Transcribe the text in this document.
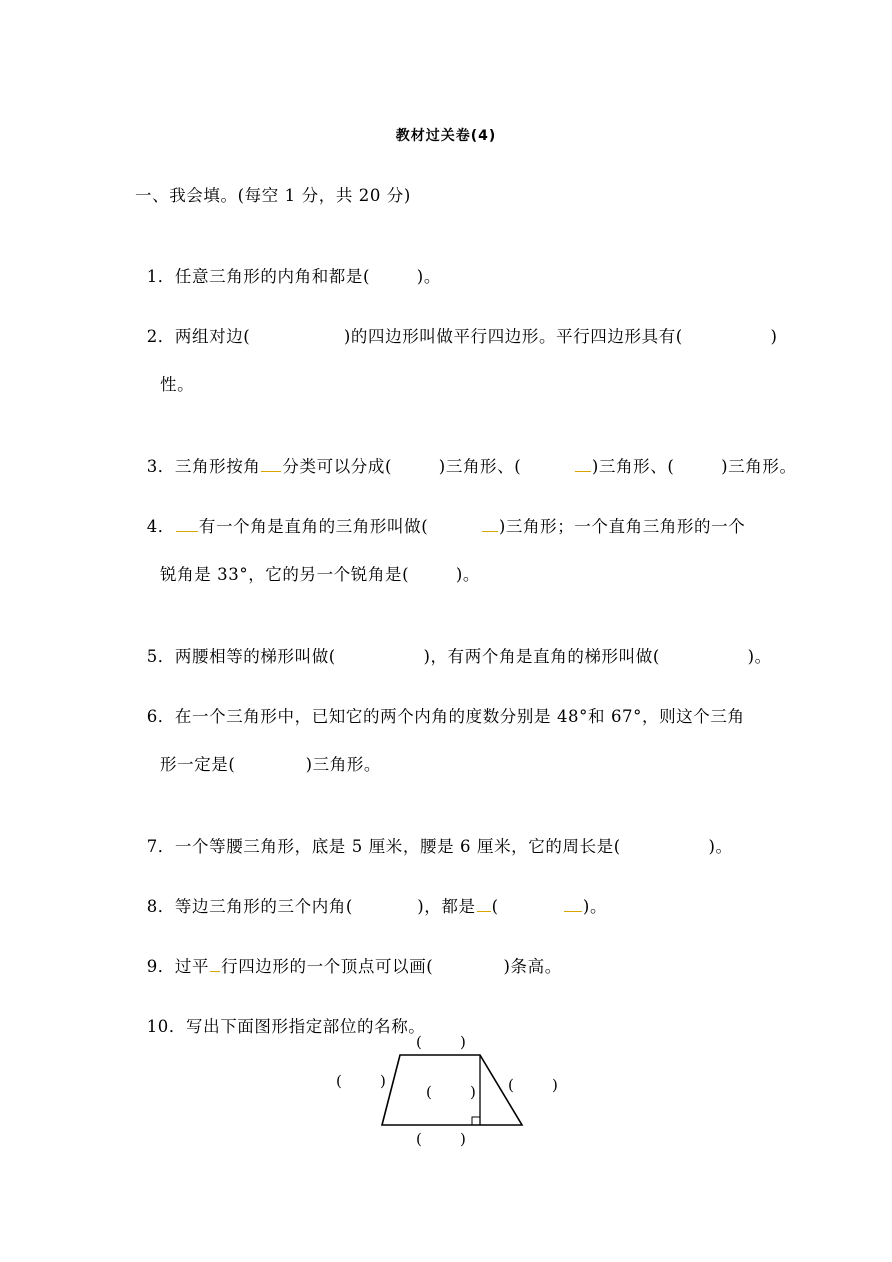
教材过关卷(4)
一、我会填。(每空 1 分，共 20 分)

1．任意三角形的内角和都是(        )。

2．两组对边(                )的四边形叫做平行四边形。平行四边形具有(               )

性。

3．三角形按角 分类可以分成(        )三角形、(         )三角形、(        )三角形。

4． 有一个角是直角的三角形叫做(         )三角形；一个直角三角形的一个

锐角是 33°，它的另一个锐角是(        )。

5．两腰相等的梯形叫做(               )，有两个角是直角的梯形叫做(               )。

6．在一个三角形中，已知它的两个内角的度数分别是 48°和 67°，则这个三角

形一定是(            )三角形。

7．一个等腰三角形，底是 5 厘米，腰是 6 厘米，它的周长是(               )。

8．等边三角形的三个内角(           )，都是 (           )。

9．过平 行四边形的一个顶点可以画(            )条高。

10．写出下面图形指定部位的名称。

(        )
(        )
(        ) (        )
(        )
